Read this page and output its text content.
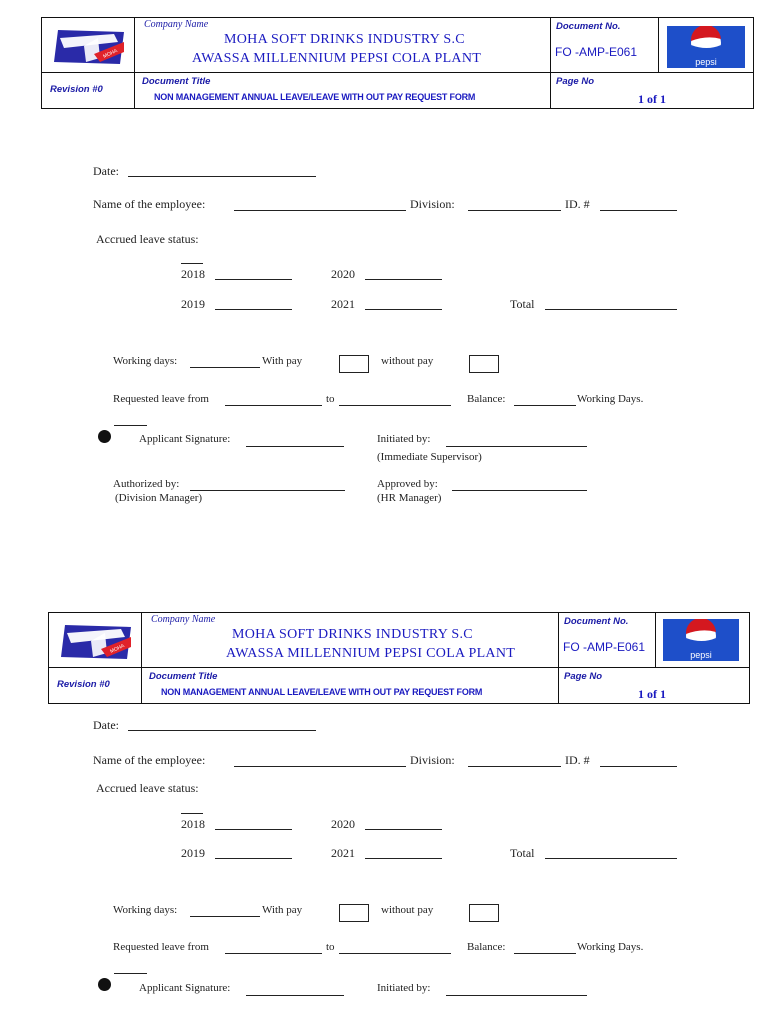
MOHA
Company Name
MOHA SOFT DRINKS INDUSTRY S.C
AWASSA MILLENNIUM PEPSI COLA PLANT
Document No.
FO -AMP-E061
pepsi
Revision #0
Document Title
NON MANAGEMENT ANNUAL LEAVE/LEAVE WITH OUT PAY REQUEST FORM
Page No
1 of 1
Date:
Name of the employee:	Division:	ID. #
Accrued leave status:
2018	2020
2019	2021	Total
Working days:	With pay	without pay
Requested leave from	to	Balance:	Working Days.
Applicant Signature:	Initiated by:
(Immediate Supervisor)
Authorized by:
(Division Manager)
Approved by:
(HR Manager)
MOHA
Company Name
MOHA SOFT DRINKS INDUSTRY S.C
AWASSA MILLENNIUM PEPSI COLA PLANT
Document No.
FO -AMP-E061
pepsi
Revision #0
Document Title
NON MANAGEMENT ANNUAL LEAVE/LEAVE WITH OUT PAY REQUEST FORM
Page No
1 of 1
Date:
Name of the employee:	Division:	ID. #
Accrued leave status:
2018	2020
2019	2021	Total
Working days:	With pay	without pay
Requested leave from	to	Balance:	Working Days.
Applicant Signature:	Initiated by:
